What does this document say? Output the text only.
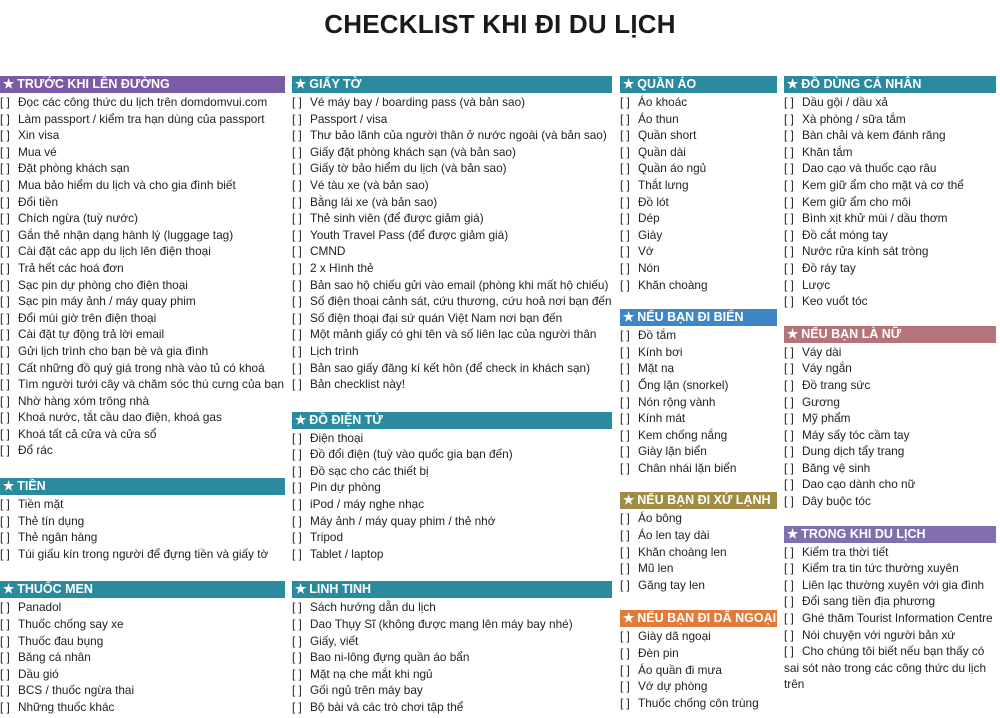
CHECKLIST KHI ĐI DU LỊCH
★ TRƯỚC KHI LÊN ĐƯỜNG
[ ] Đọc các công thức du lịch trên domdomvui.com
[ ] Làm passport / kiểm tra hạn dùng của passport
[ ] Xin visa
[ ] Mua vé
[ ] Đặt phòng khách sạn
[ ] Mua bảo hiểm du lịch và cho gia đình biết
[ ] Đổi tiền
[ ] Chích ngừa (tuỳ nước)
[ ] Gắn thẻ nhận dạng hành lý (luggage tag)
[ ] Cài đặt các app du lịch lên điện thoại
[ ] Trả hết các hoá đơn
[ ] Sạc pin dự phòng cho điện thoại
[ ] Sạc pin máy ảnh / máy quay phim
[ ] Đổi múi giờ trên điện thoại
[ ] Cài đặt tự động trả lời email
[ ] Gửi lịch trình cho bạn bè và gia đình
[ ] Cất những đồ quý giá trong nhà vào tủ có khoá
[ ] Tìm người tưới cây và chăm sóc thú cưng của bạn
[ ] Nhờ hàng xóm trông nhà
[ ] Khoá nước, tắt cầu dao điện, khoá gas
[ ] Khoá tất cả cửa và cửa sổ
[ ] Đổ rác
★ TIỀN
[ ] Tiền mặt
[ ] Thẻ tín dụng
[ ] Thẻ ngân hàng
[ ] Túi giấu kín trong người để đựng tiền và giấy tờ
★ THUỐC MEN
[ ] Panadol
[ ] Thuốc chống say xe
[ ] Thuốc đau bụng
[ ] Băng cá nhân
[ ] Dầu gió
[ ] BCS / thuốc ngừa thai
[ ] Những thuốc khác
★ GIẤY TỜ
[ ] Vé máy bay / boarding pass (và bản sao)
[ ] Passport / visa
[ ] Thư bảo lãnh của người thân ở nước ngoài (và bản sao)
[ ] Giấy đặt phòng khách sạn (và bản sao)
[ ] Giấy tờ bảo hiểm du lịch (và bản sao)
[ ] Vé tàu xe (và bản sao)
[ ] Bằng lái xe (và bản sao)
[ ] Thẻ sinh viên (để được giảm giá)
[ ] Youth Travel Pass (để được giảm giá)
[ ] CMND
[ ] 2 x Hình thẻ
[ ] Bản sao hộ chiếu gửi vào email (phòng khi mất hộ chiếu)
[ ] Số điện thoại cảnh sát, cứu thương, cứu hoả nơi bạn đến
[ ] Số điện thoại đại sứ quán Việt Nam nơi bạn đến
[ ] Một mảnh giấy có ghi tên và số liên lạc của người thân
[ ] Lịch trình
[ ] Bản sao giấy đăng kí kết hôn (để check in khách sạn)
[ ] Bản checklist này!
★ ĐỒ ĐIỆN TỬ
[ ] Điện thoại
[ ] Đồ đổi điện (tuỳ vào quốc gia bạn đến)
[ ] Đồ sạc cho các thiết bị
[ ] Pin dự phòng
[ ] iPod / máy nghe nhạc
[ ] Máy ảnh / máy quay phim / thẻ nhớ
[ ] Tripod
[ ] Tablet / laptop
★ LINH TINH
[ ] Sách hướng dẫn du lịch
[ ] Dao Thụy Sĩ (không được mang lên máy bay nhé)
[ ] Giấy, viết
[ ] Bao ni-lông đựng quần áo bẩn
[ ] Mặt nạ che mắt khi ngủ
[ ] Gối ngủ trên máy bay
[ ] Bộ bài và các trò chơi tập thể
★ QUẦN ÁO
[ ] Áo khoác
[ ] Áo thun
[ ] Quần short
[ ] Quần dài
[ ] Quần áo ngủ
[ ] Thắt lưng
[ ] Đồ lót
[ ] Dép
[ ] Giày
[ ] Vớ
[ ] Nón
[ ] Khăn choàng
★ NẾU BẠN ĐI BIỂN
[ ] Đồ tắm
[ ] Kính bơi
[ ] Mặt nạ
[ ] Ống lặn (snorkel)
[ ] Nón rộng vành
[ ] Kính mát
[ ] Kem chống nắng
[ ] Giày lặn biển
[ ] Chân nhái lặn biển
★ NẾU BẠN ĐI XỨ LẠNH
[ ] Áo bông
[ ] Áo len tay dài
[ ] Khăn choàng len
[ ] Mũ len
[ ] Găng tay len
★ NẾU BẠN ĐI DÃ NGOẠI
[ ] Giày dã ngoại
[ ] Đèn pin
[ ] Áo quần đi mưa
[ ] Vớ dự phòng
[ ] Thuốc chống côn trùng
★ ĐỒ DÙNG CÁ NHÂN
[ ] Dầu gội / dầu xả
[ ] Xà phòng / sữa tắm
[ ] Bàn chải và kem đánh răng
[ ] Khăn tắm
[ ] Dao cạo và thuốc cạo râu
[ ] Kem giữ ẩm cho mặt và cơ thể
[ ] Kem giữ ẩm cho môi
[ ] Bình xịt khử mùi / dầu thơm
[ ] Đồ cắt móng tay
[ ] Nước rửa kính sát tròng
[ ] Đồ ráy tay
[ ] Lược
[ ] Keo vuốt tóc
★ NẾU BẠN LÀ NỮ
[ ] Váy dài
[ ] Váy ngắn
[ ] Đồ trang sức
[ ] Gương
[ ] Mỹ phẩm
[ ] Máy sấy tóc cầm tay
[ ] Dung dịch tẩy trang
[ ] Băng vệ sinh
[ ] Dao cạo dành cho nữ
[ ] Dây buộc tóc
★ TRONG KHI DU LỊCH
[ ] Kiểm tra thời tiết
[ ] Kiểm tra tin tức thường xuyên
[ ] Liên lạc thường xuyên với gia đình
[ ] Đổi sang tiền địa phương
[ ] Ghé thăm Tourist Information Centre
[ ] Nói chuyện với người bản xứ
[ ] Cho chúng tôi biết nếu bạn thấy có sai sót nào trong các công thức du lịch trên
